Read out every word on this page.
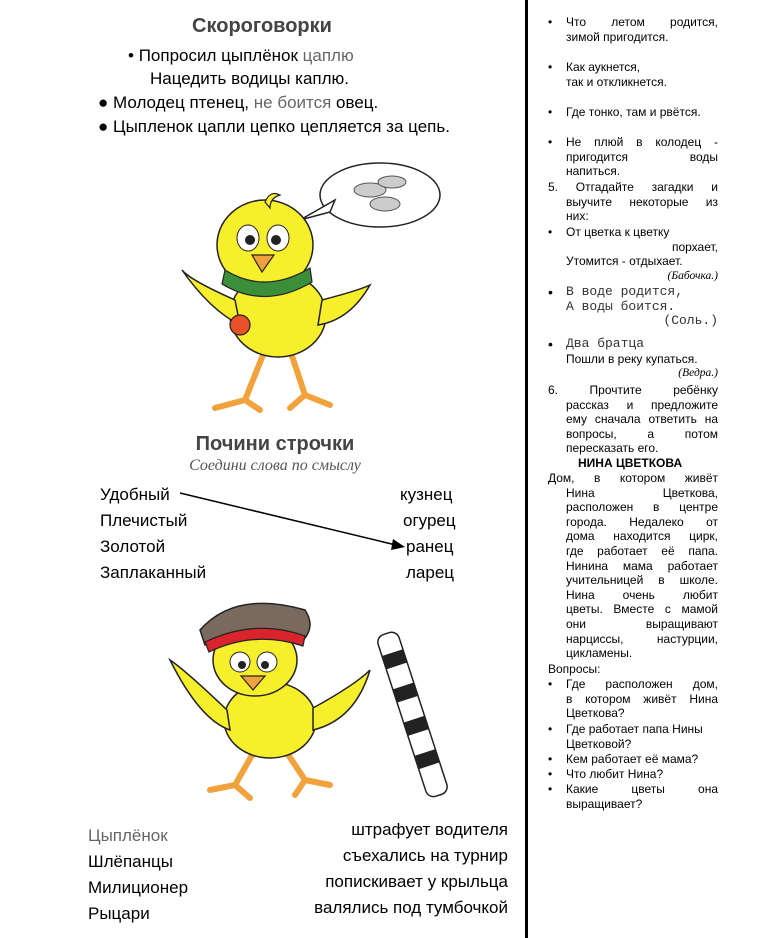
Скороговорки
• Попросил цыплёнок цаплю
Нацедить водицы каплю.
● Молодец птенец, не боится овец.
● Цыпленок цапли цепко цепляется за цепь.
Почини строчки
Соедини слова по смыслу
Удобный
Плечистый
Золотой
Заплаканный
кузнец
огурец
ранец
ларец
Цыплёнок
Шлёпанцы
Милиционер
Рыцари
штрафует водителя
съехались на турнир
попискивает у крыльца
валялись под тумбочкой
• Что летом родится,
зимой пригодится.
• Как аукнется,
так и откликнется.
• Где тонко, там и рвётся.
• Не плюй в колодец -
пригодится воды
напиться.
5. Отгадайте загадки и
выучите некоторые из
них:
• От цветка к цветку
порхает,
Утомится - отдыхает.
(Бабочка.)
• В воде родится,
А воды боится.
(Соль.)
• Два братца
Пошли в реку купаться.
(Ведра.)
6. Прочтите ребёнку
рассказ и предложите
ему сначала ответить на
вопросы, а потом
пересказать его.
НИНА ЦВЕТКОВА
Дом, в котором живёт
Нина Цветкова,
расположен в центре
города. Недалеко от
дома находится цирк,
где работает её папа.
Нинина мама работает
учительницей в школе.
Нина очень любит
цветы. Вместе с мамой
они выращивают
нарциссы, настурции,
цикламены.
Вопросы:
• Где расположен дом,
в котором живёт Нина
Цветкова?
• Где работает папа Нины
Цветковой?
• Кем работает её мама?
• Что любит Нина?
• Какие цветы она
выращивает?
